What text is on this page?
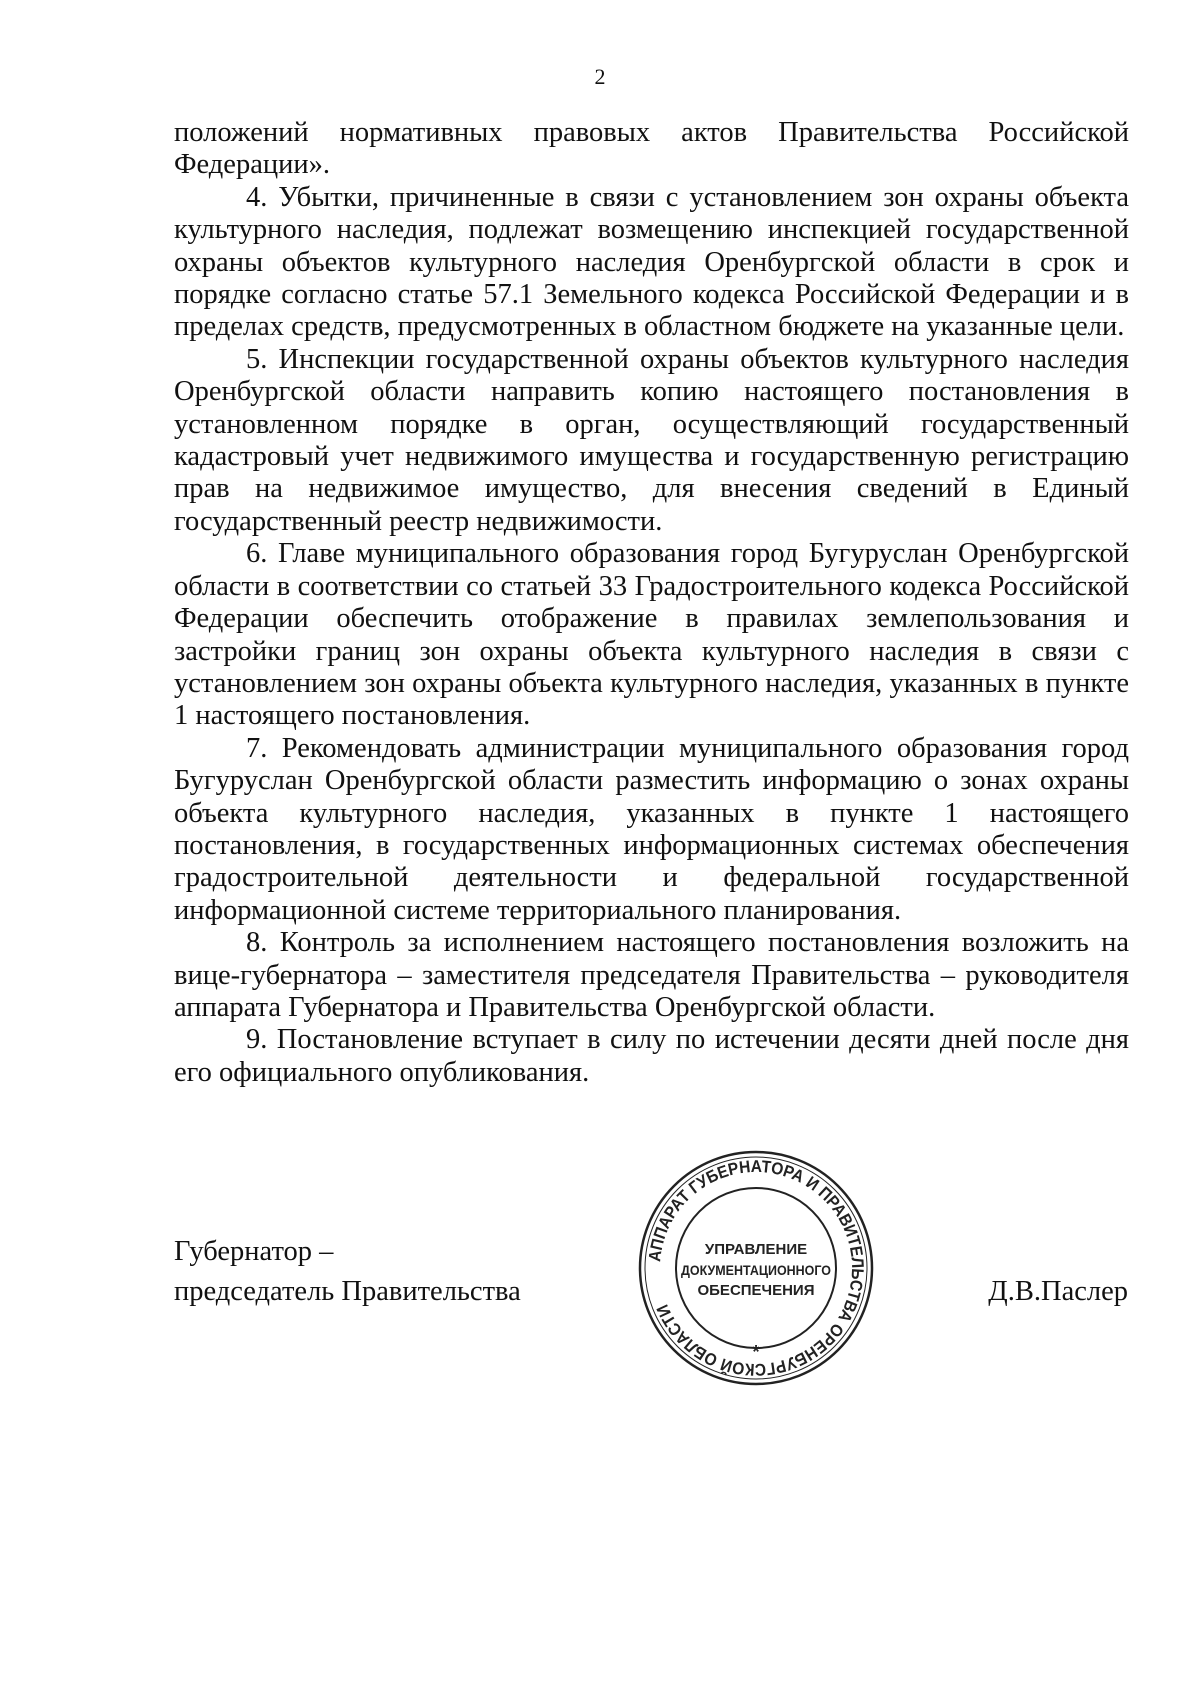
2

положений нормативных правовых актов Правительства Российской Федерации».

4. Убытки, причиненные в связи с установлением зон охраны объекта культурного наследия, подлежат возмещению инспекцией государственной охраны объектов культурного наследия Оренбургской области в срок и порядке согласно статье 57.1 Земельного кодекса Российской Федерации и в пределах средств, предусмотренных в областном бюджете на указанные цели.

5. Инспекции государственной охраны объектов культурного наследия Оренбургской области направить копию настоящего постановления в установленном порядке в орган, осуществляющий государственный кадастровый учет недвижимого имущества и государственную регистрацию прав на недвижимое имущество, для внесения сведений в Единый государственный реестр недвижимости.

6. Главе муниципального образования город Бугуруслан Оренбургской области в соответствии со статьей 33 Градостроительного кодекса Российской Федерации обеспечить отображение в правилах землепользования и застройки границ зон охраны объекта культурного наследия в связи с установлением зон охраны объекта культурного наследия, указанных в пункте 1 настоящего постановления.

7. Рекомендовать администрации муниципального образования город Бугуруслан Оренбургской области разместить информацию о зонах охраны объекта культурного наследия, указанных в пункте 1 настоящего постановления, в государственных информационных системах обеспечения градостроительной деятельности и федеральной государственной информационной системе территориального планирования.

8. Контроль за исполнением настоящего постановления возложить на вице-губернатора – заместителя председателя Правительства – руководителя аппарата Губернатора и Правительства Оренбургской области.

9. Постановление вступает в силу по истечении десяти дней после дня его официального опубликования.

Губернатор –
председатель Правительства
АППАРАТ ГУБЕРНАТОРА И ПРАВИТЕЛЬСТВА ОРЕНБУРГСКОЙ ОБЛАСТИ
*
УПРАВЛЕНИЕ
ДОКУМЕНТАЦИОННОГО
ОБЕСПЕЧЕНИЯ	Д.В.Паслер
